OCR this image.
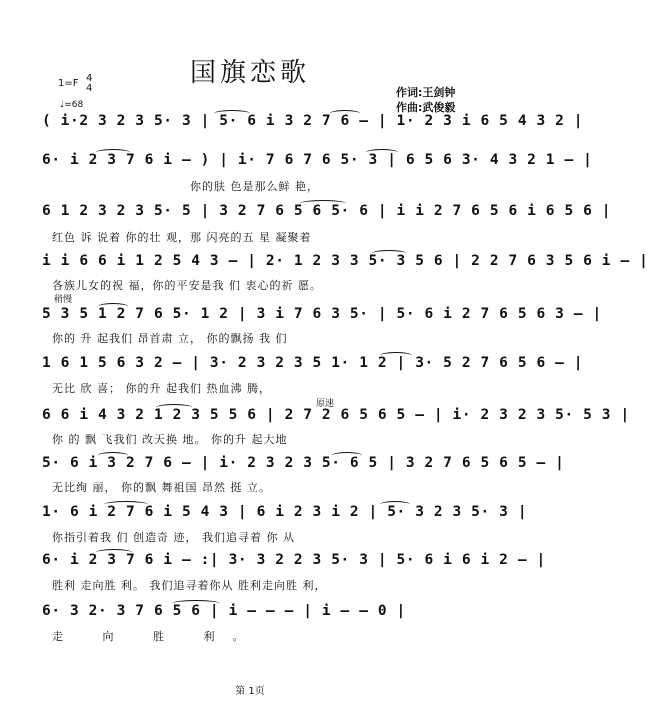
国旗恋歌
作词:王剑钟
作曲:武俊毅
1=F 4
4
♩=68
( i·2 3 2 3 5· 3 | 5· 6 i 3 2 7 6 — | 1· 2 3 i 6 5 4 3 2 |
6· i 2 3 7 6 i — ) | i· 7 6 7 6 5· 3 | 6 5 6 3· 4 3 2 1 — |
你的肤 色是那么鲜 艳，
6 1 2 3 2 3 5· 5 | 3 2 7 6 5 6 5· 6 | i i 2 7 6 5 6 i 6 5 6 |
红色 诉 说着 你的壮 观，那 闪亮的五 星 凝聚着
i i 6 6 i 1 2 5 4 3 — | 2· 1 2 3 3 5· 3 5 6 | 2 2 7 6 3 5 6 i — |
各族儿女的祝 福，你的平安是我 们 衷心的祈 愿。
稍慢
5 3 5 1 2 7 6 5· 1 2 | 3 i 7 6 3 5· | 5· 6 i 2 7 6 5 6 3 — |
你的 升 起我们 昂首肃 立， 你的飘扬 我 们
1 6 1 5 6 3 2 — | 3· 2 3 2 3 5 1· 1 2 | 3· 5 2 7 6 5 6 — |
无比 欣 喜； 你的升 起我们 热血沸 腾，
原速
6 6 i 4 3 2 1 2 3 5 5 6 | 2 7 2 6 5 6 5 — | i· 2 3 2 3 5· 5 3 |
你 的 飘 飞我们 改天换 地。 你的升 起大地
5· 6 i 3 2 7 6 — | i· 2 3 2 3 5· 6 5 | 3 2 7 6 5 6 5 — |
无比绚 丽， 你的飘 舞祖国 昂然 挺 立。
1· 6 i 2 7 6 i 5 4 3 | 6 i 2 3 i 2 | 5· 3 2 3 5· 3 |
你指引着我 们 创造奇 迹， 我们追寻着 你 从
6· i 2 3 7 6 i — :| 3· 3 2 2 3 5· 3 | 5· 6 i 6 i 2 — |
胜利 走向胜 利。 我们追寻着你从 胜利走向胜 利，
6· 3 2· 3 7 6 5 6 | i — — — | i — — 0 |
走 向 胜 利。
第 1页
